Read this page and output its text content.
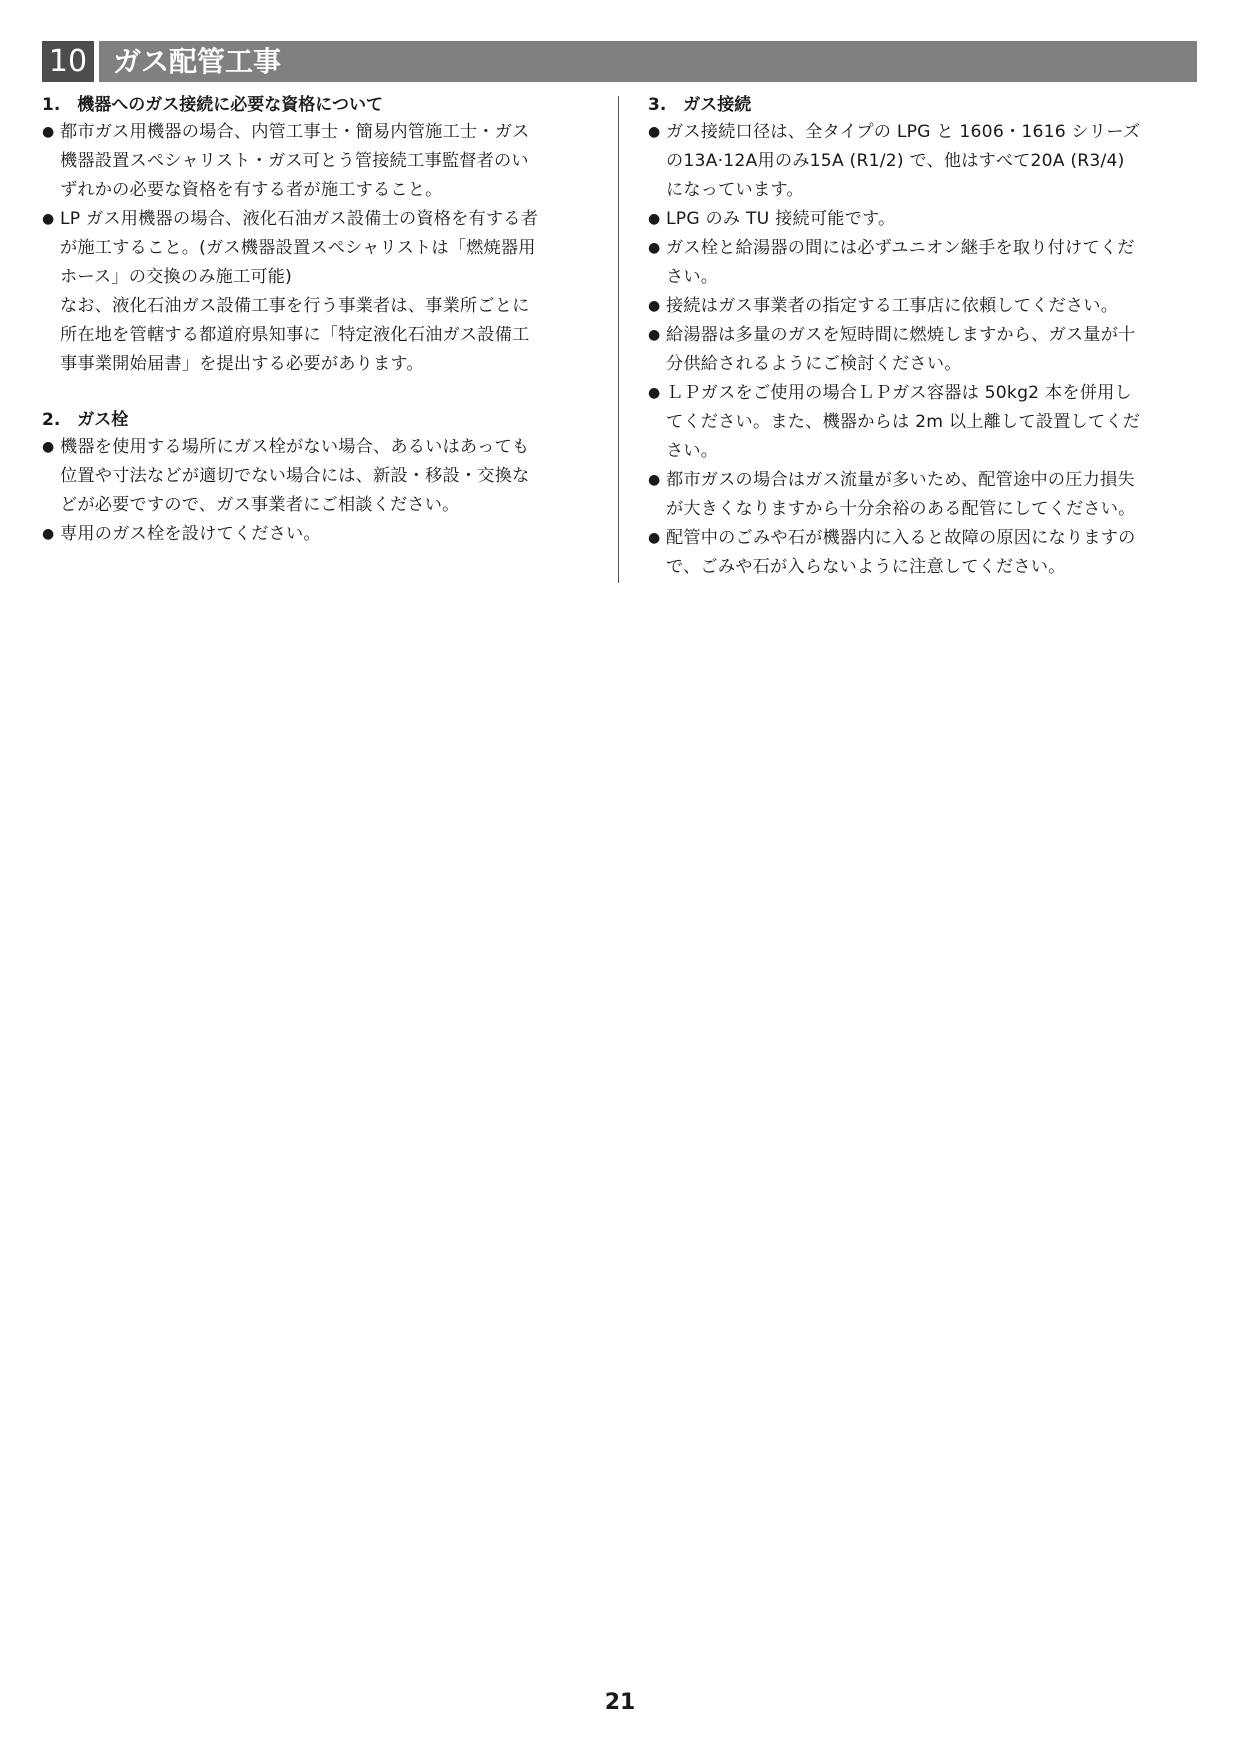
10 ガス配管工事
1.　機器へのガス接続に必要な資格について
● 都市ガス用機器の場合、内管工事士・簡易内管施工士・ガス
機器設置スペシャリスト・ガス可とう管接続工事監督者のい
ずれかの必要な資格を有する者が施工すること。
● LP ガス用機器の場合、液化石油ガス設備士の資格を有する者
が施工すること。(ガス機器設置スペシャリストは「燃焼器用
ホース」の交換のみ施工可能)
なお、液化石油ガス設備工事を行う事業者は、事業所ごとに
所在地を管轄する都道府県知事に「特定液化石油ガス設備工
事事業開始届書」を提出する必要があります。
2.　ガス栓
● 機器を使用する場所にガス栓がない場合、あるいはあっても
位置や寸法などが適切でない場合には、新設・移設・交換な
どが必要ですので、ガス事業者にご相談ください。
● 専用のガス栓を設けてください。
3.　ガス接続
● ガス接続口径は、全タイプの LPG と 1606・1616 シリーズ
の13A·12A用のみ15A (R1/2) で、他はすべて20A (R3/4)
になっています。
● LPG のみ TU 接続可能です。
● ガス栓と給湯器の間には必ずユニオン継手を取り付けてくだ
さい。
● 接続はガス事業者の指定する工事店に依頼してください。
● 給湯器は多量のガスを短時間に燃焼しますから、ガス量が十
分供給されるようにご検討ください。
● ＬＰガスをご使用の場合ＬＰガス容器は 50kg2 本を併用し
てください。また、機器からは 2m 以上離して設置してくだ
さい。
● 都市ガスの場合はガス流量が多いため、配管途中の圧力損失
が大きくなりますから十分余裕のある配管にしてください。
● 配管中のごみや石が機器内に入ると故障の原因になりますの
で、ごみや石が入らないように注意してください。
21
